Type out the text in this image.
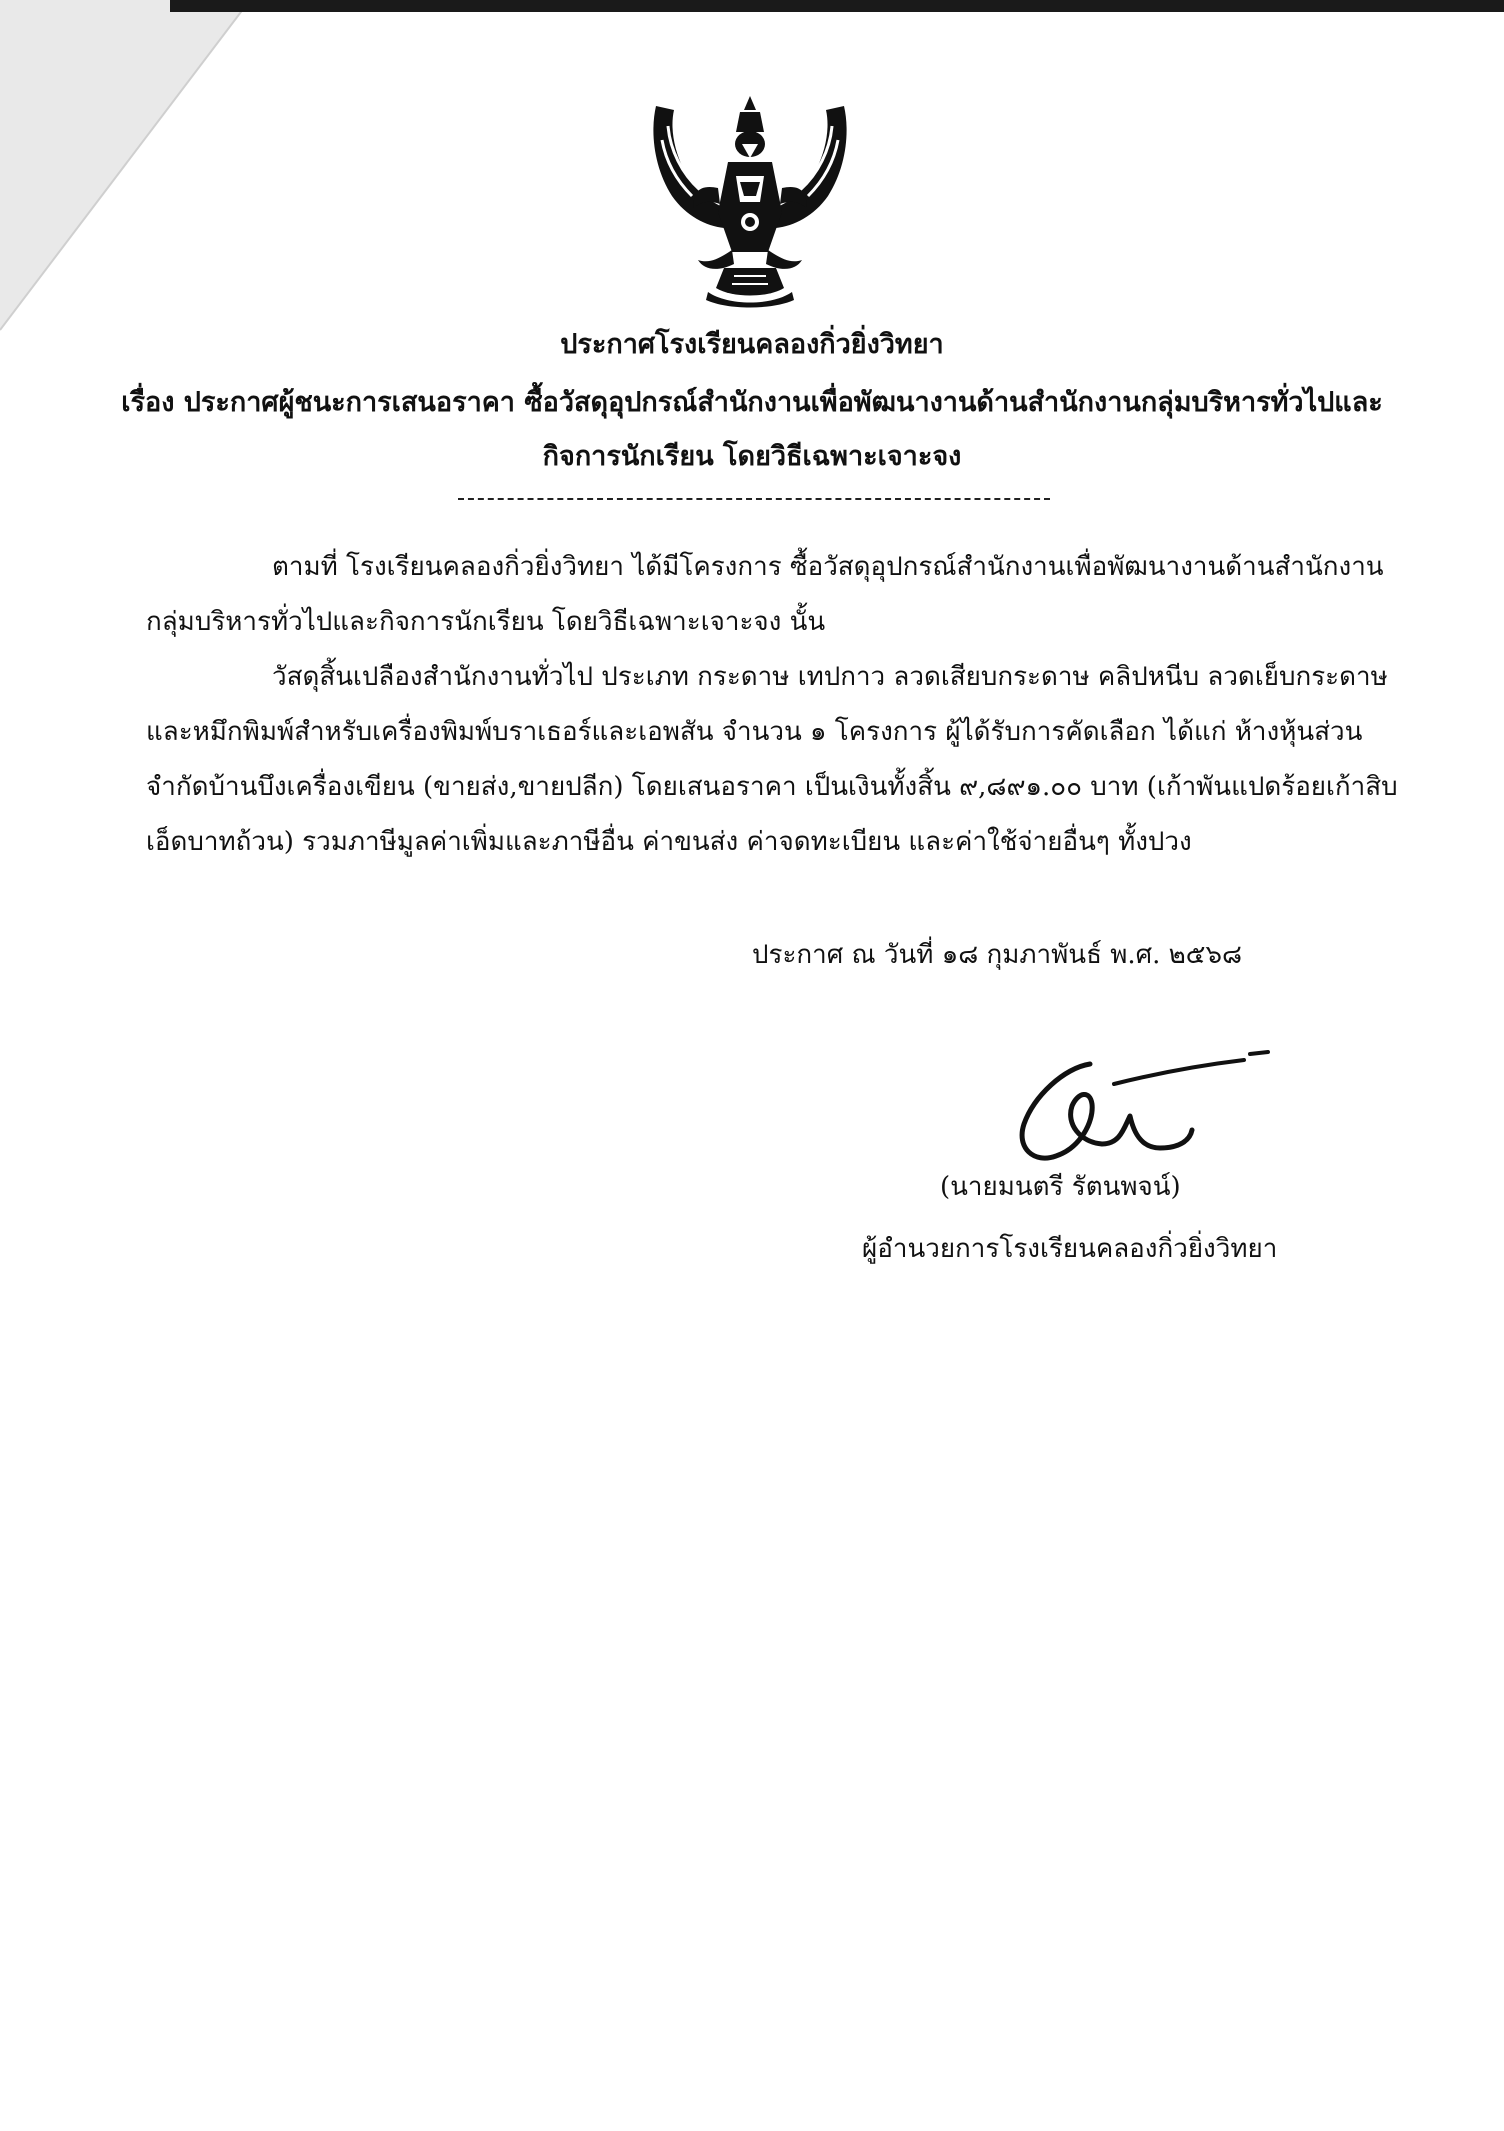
ประกาศโรงเรียนคลองกิ่วยิ่งวิทยา
เรื่อง ประกาศผู้ชนะการเสนอราคา ซื้อวัสดุอุปกรณ์สำนักงานเพื่อพัฒนางานด้านสำนักงานกลุ่มบริหารทั่วไปและ
กิจการนักเรียน โดยวิธีเฉพาะเจาะจง
ตามที่ โรงเรียนคลองกิ่วยิ่งวิทยา ได้มีโครงการ ซื้อวัสดุอุปกรณ์สำนักงานเพื่อพัฒนางานด้านสำนักงาน
กลุ่มบริหารทั่วไปและกิจการนักเรียน โดยวิธีเฉพาะเจาะจง นั้น
วัสดุสิ้นเปลืองสำนักงานทั่วไป ประเภท กระดาษ เทปกาว ลวดเสียบกระดาษ คลิปหนีบ ลวดเย็บกระดาษ
และหมึกพิมพ์สำหรับเครื่องพิมพ์บราเธอร์และเอพสัน จำนวน ๑ โครงการ ผู้ได้รับการคัดเลือก ได้แก่ ห้างหุ้นส่วน
จำกัดบ้านบึงเครื่องเขียน (ขายส่ง,ขายปลีก) โดยเสนอราคา เป็นเงินทั้งสิ้น ๙,๘๙๑.๐๐ บาท (เก้าพันแปดร้อยเก้าสิบ
เอ็ดบาทถ้วน) รวมภาษีมูลค่าเพิ่มและภาษีอื่น ค่าขนส่ง ค่าจดทะเบียน และค่าใช้จ่ายอื่นๆ ทั้งปวง
ประกาศ ณ วันที่ ๑๘ กุมภาพันธ์ พ.ศ. ๒๕๖๘
(นายมนตรี รัตนพจน์)
ผู้อำนวยการโรงเรียนคลองกิ่วยิ่งวิทยา
